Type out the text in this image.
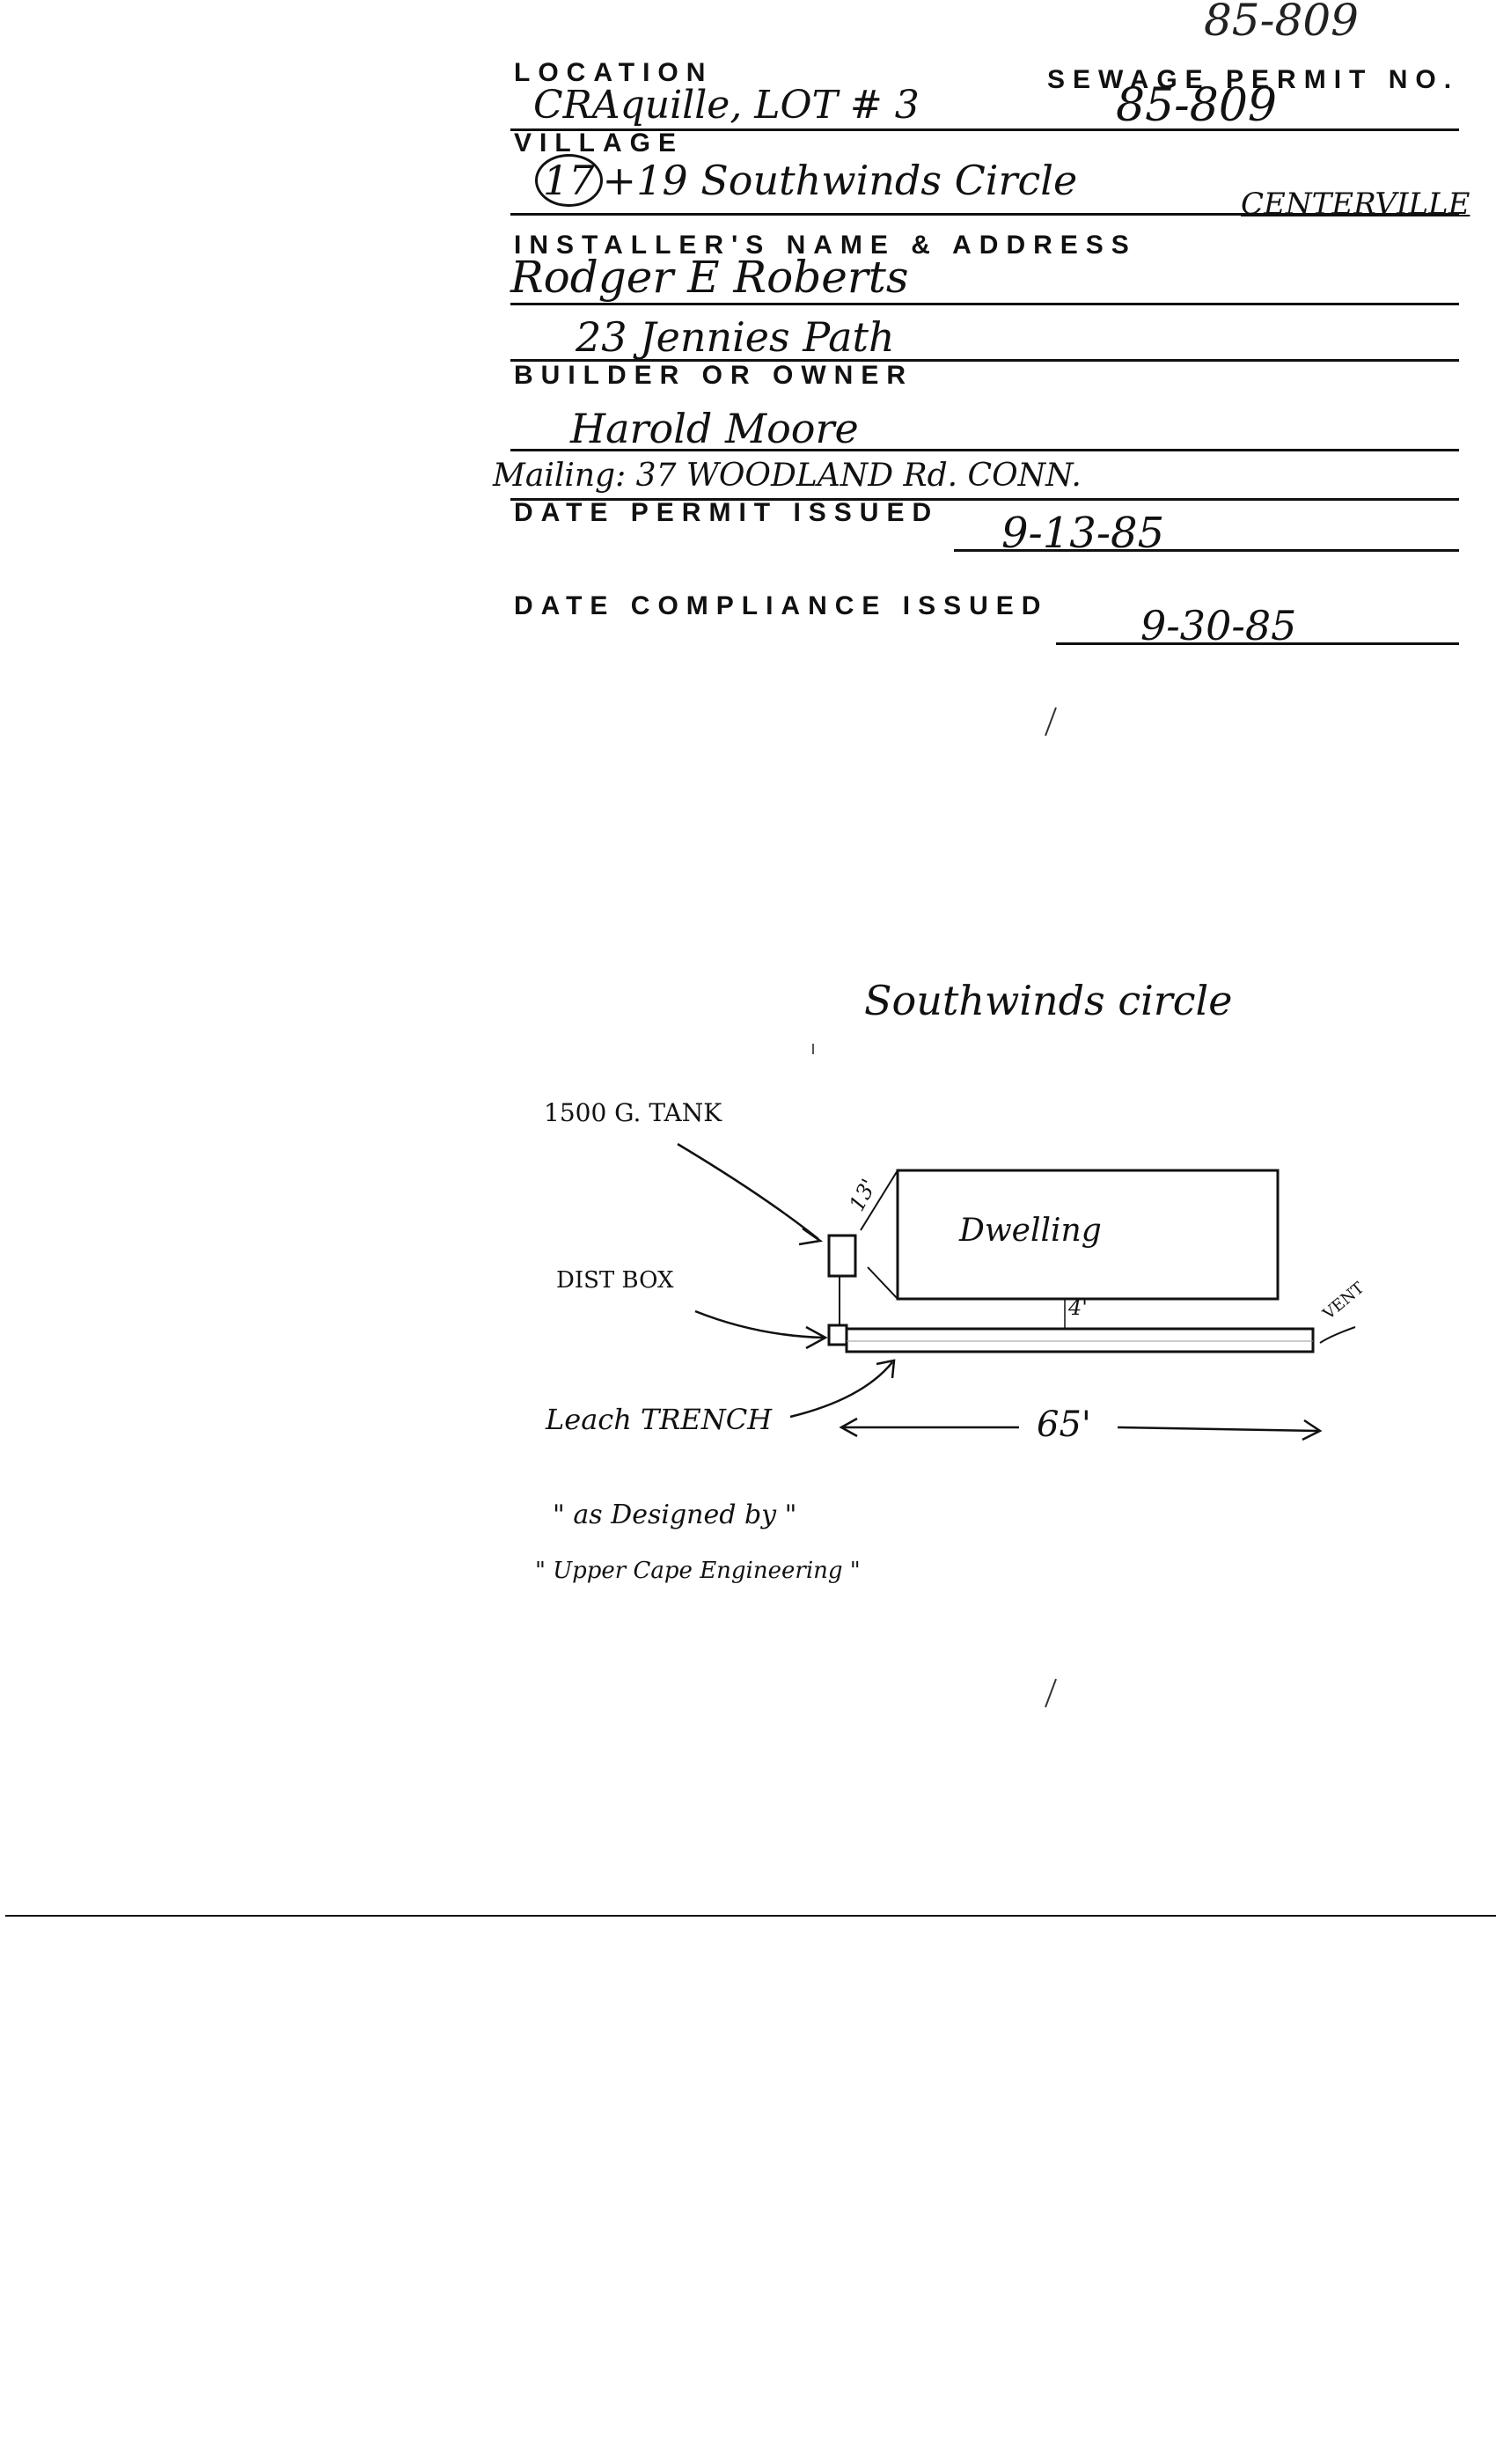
85-809
LOCATION	SEWAGE PERMIT NO.
CRAquille, LOT # 3	85-809
VILLAGE
17 +19 Southwinds Circle	CENTERVILLE
INSTALLER'S NAME & ADDRESS
Rodger E Roberts
23 Jennies Path
BUILDER OR OWNER
Harold Moore
Mailing: 37 WOODLAND Rd. CONN.
DATE PERMIT ISSUED 9-13-85
DATE COMPLIANCE ISSUED 9-30-85
Southwinds circle
1500 G. TANK
DIST BOX
Leach TRENCH
Dwelling
13'
4'
65'
VENT
" as Designed by "
" Upper Cape Engineering "
